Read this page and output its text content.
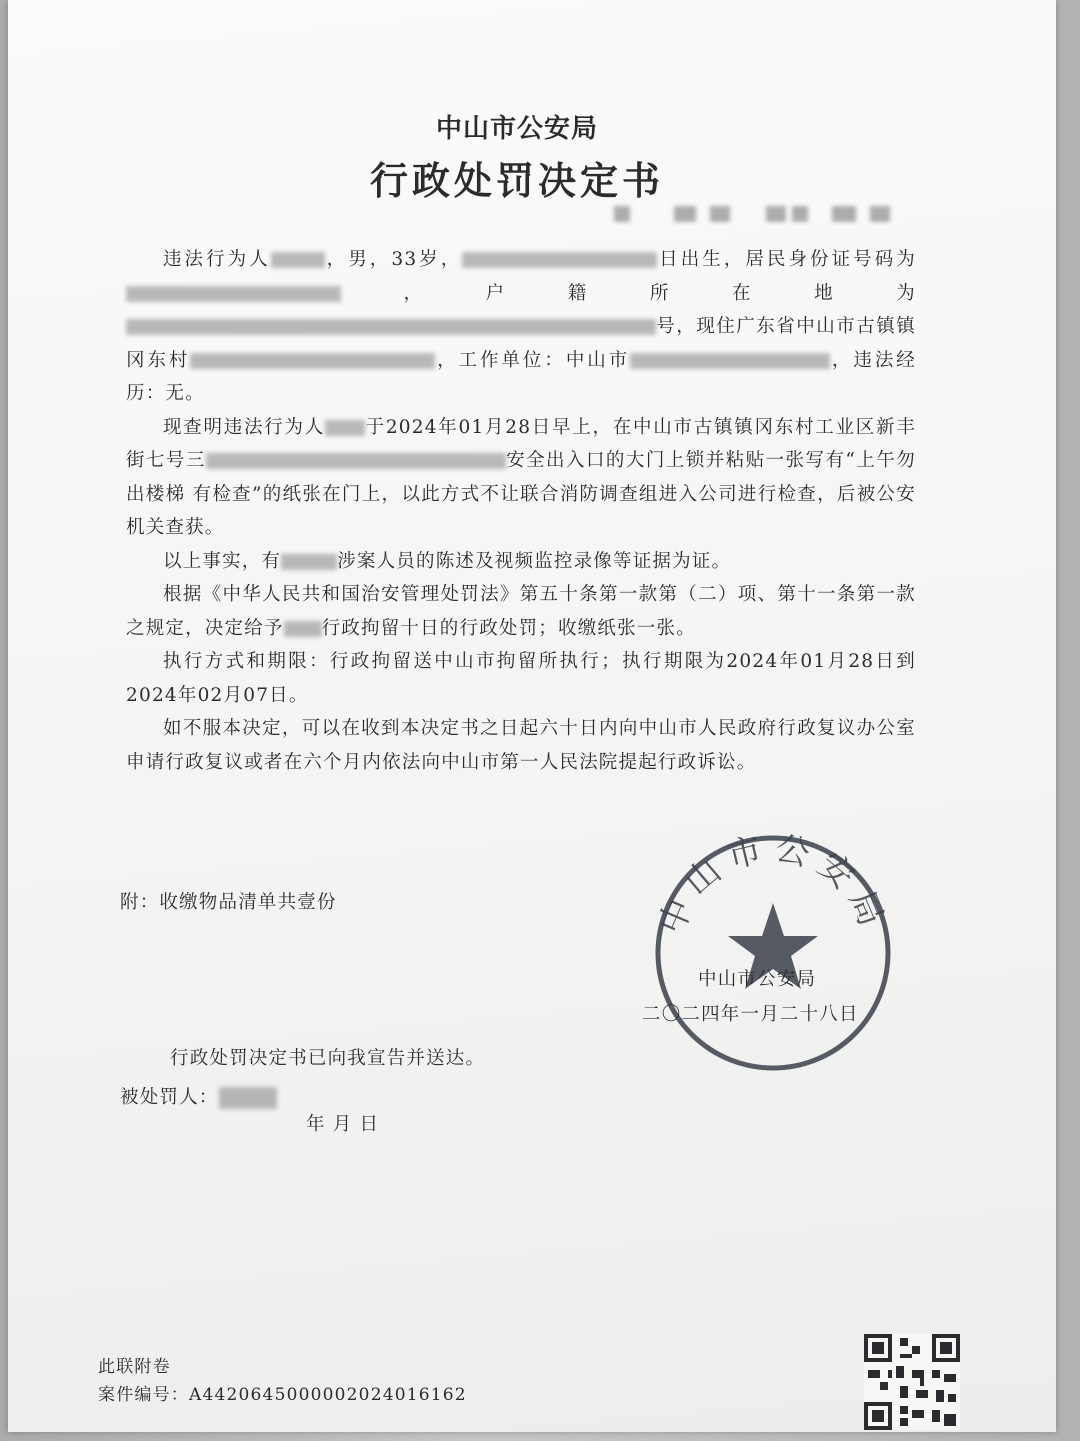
中山市公安局
行政处罚决定书

违法行为人	，男，33岁，	日出生，居民身份证号码为，户籍所在地为号，现住广东省中山市古镇镇冈东村	，工作单位：中山市	，违法经历：无。

现查明违法行为人 于2024年01月28日早上，在中山市古镇镇冈东村工业区新丰街七号三	安全出入口的大门上锁并粘贴一张写有“上午勿出楼梯 有检查”的纸张在门上，以此方式不让联合消防调查组进入公司进行检查，后被公安机关查获。

以上事实，有	涉案人员的陈述及视频监控录像等证据为证。

根据《中华人民共和国治安管理处罚法》第五十条第一款第（二）项、第十一条第一款之规定，决定给予 行政拘留十日的行政处罚；收缴纸张一张。

执行方式和期限：行政拘留送中山市拘留所执行；执行期限为2024年01月28日到2024年02月07日。

如不服本决定，可以在收到本决定书之日起六十日内向中山市人民政府行政复议办公室申请行政复议或者在六个月内依法向中山市第一人民法院提起行政诉讼。

附：收缴物品清单共壹份	中山市公安局
中山市公安局
二〇二四年一月二十八日
行政处罚决定书已向我宣告并送达。
被处罚人：
年 月 日
此联附卷
案件编号：A4420645000002024016162
